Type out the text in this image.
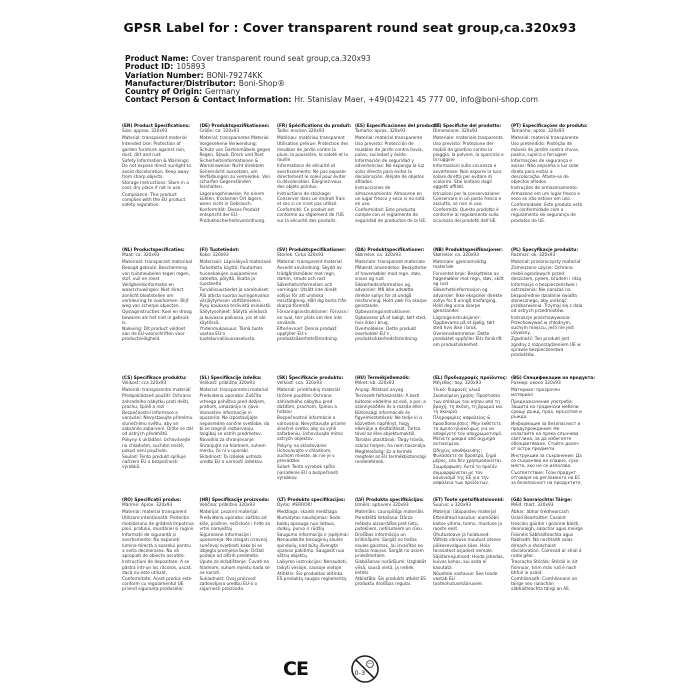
GPSR Label for : Cover transparent round seat group,ca.320x93
Product Name: Cover transparent round seat group,ca.320x93
Product ID: 105893
Variation Number: BONI-79274KK
Manufacturer/Distributor: Boni-Shop®
Country of Origin: Germany
Contact Person & Contact Information: Hr. Stanislav Maer, +49(0)4221 45 777 00, info@boni-shop.com
(EN) Product Specifications:
Size: approx. 320x93
Material: transparent material
Intended Use: Protection of garden furniture against rain, dust, dirt and rust
Safety Information & Warnings: Do not expose direct sunlight to avoid discoloration. Keep away from sharp objects.
Storage Instructions: Store in a cool, dry place if not in use.
Compliance: This product complies with the EU product safety regulation.
(DE) Produktspezifikationen:
Größe: ca. 320x93
Material: transparentes Material
Vorgesehene Verwendung: Schutz von Gartenmöbeln gegen Regen, Staub, Dreck und Rost
Sicherheitsinformationen & Warnhinweise: Nicht direktem Sonnenlicht aussetzen, um Verfärbungen zu vermeiden. Von scharfen Gegenständen fernhalten.
Lagerungshinweise: An einem kühlen, trockenen Ort lagern, wenn nicht in Gebrauch.
Konformität: Dieses Produkt entspricht der EU-Produktsicherheitsverordnung.
(FR) Spécifications du produit:
Taille: environ 320x93
Matériau: matériau transparent
Utilisation prévue: Protection des meubles de jardin contre la pluie, la poussière, la saleté et la rouille
Informations de sécurité et avertissements: Ne pas exposer directement le soleil pour éviter la décoloration. Éloignez-vous des objets pointus.
Instructions de stockage: Conserver dans un endroit frais et sec si ce n'est pas utilisé.
Conformité: Ce produit est conforme au règlement de l'UE sur la sécurité des produits.
(ES) Especificaciones del producto:
Tamaño: aprox. 320x93
Material: material transparente
Uso previsto: Protección de muebles de jardín contra lluvia, polvo, suciedad y óxido.
Información de seguridad y advertencias: No exponga la luz solar directa para evitar la decoloración. Aléjate de objetos afilados.
Instrucciones de almacenamiento: Almacene en un lugar fresco y seco si no está en uso.
Conformidad: Este producto cumple con el reglamento de seguridad de productos de la UE.
(IT) Specifiche del prodotto:
Dimensione: 320x93
Materiale: materiale trasparente
Uso previsto: Protezione dei mobili da giardino contro la pioggia, la polvere, la sporcizia e la ruggine
Informazioni sulla sicurezza e avvertenze: Non esporre la luce solare diretta per evitare di scolorire. Stai lontano dagli oggetti affilati.
Istruzioni per la conservazione: Conservare in un posto fresco e asciutto, se non in uso.
Conformità: Questo prodotto è conforme al regolamento sulla sicurezza dei prodotti dell'UE.
(PT) Especificações do produto:
Tamanho: aprox. 320x93
Material: material transparente
Uso pretendido: Proteção de móveis de jardim contra chuva, poeira, sujeira e ferrugem
Informações de segurança e avisos: Não exponha a luz solar direta para evitar a descoloração. Afaste-se de objectos afiados.
Instruções de armazenamento: Armazene em um lugar fresco e seco se não estiver em uso.
Conformidade: Este produto está em conformidade com o regulamento de segurança de produtos da UE.
(NL) Productspecificaties:
Maat: ca. 320x93
Materiaal: transparant materiaal
Beoogd gebruik: Bescherming van tuinmeubelen tegen regen, stof, vuil en roest
Veiligheidsinformatie en waarschuwingen: Niet direct zonlicht blootstellen om verkleuring te voorkomen. Blijf weg van scherpe objecten.
Opslaginstructies: Koel en droog bewaren als het niet in gebruik is.
Naleving: Dit product voldoet aan de EU-voorschriften voor productveiligheid.
(FI) Tuotetiedot:
Koko: 320x93
Materiaali: Läpinäkyvä materiaali
Tarkoitettu käyttö: Puutarhan huonekalujen suojaaminen sateelta, pölyltä, likalta ja ruosteelta
Turvallisuustiedot ja varoitukset: Älä altista suoraa auringonvaloa värjäytymisen välttämiseksi. Pysy kaukana terävistä esineistä.
Säilytysohjeet: Säilytä viileässä ja kuivassa paikassa, jos et ole käytössä.
Yhdenmukaisuus: Tämä tuote vastaa EU:n tuoteturvallisuusasetusta.
(SV) Produktspecifikationer:
Storlek: Cirka 320x93
Material: transparent material
Avsedd användning: Skydd av trädgårdsmöbler mot regn, damm, smuts och rost
Säkerhetsinformation och varningar: Utsätt inte direkt solljus för att undvika missfärgning. Håll dig borta från skarpa föremål.
Förvaringsinstruktioner: Förvara i en sval, torr plats om den inte används.
Efterlevnad: Denna produkt uppfyller EU:s produktsäkerhetsförordning.
(DA) Produktspecifikationer:
Størrelse: ca. 320x93
Materiale: transparent materiale
Påtænkt anvendelse: Beskyttelse af havemøbler mod regn, støv, snavs og rust
Sikkerhedsinformation og advarsler: Må ikke udsætte direkte sollys for at undgå misfarvning. Hold væk fra skarpe genstande.
Opbevaringsinstruktioner: Opbevares på et køligt, tørt sted, hvis ikke i brug.
Overholdelse: Dette produkt overholder EU's produktsikkerhedsforordning.
(NB) Produktspesifikasjoner:
Størrelse: ca. 320x93
Materiale: gjennomsiktig materiale
Forventet bruk: Beskyttelse av hagemøbler mot regn, støv, skitt og rust
Sikkerhetsinformasjon og advarsler: Ikke eksponer direkte sollys for å unngå misfarging. Hold deg unna skarpe gjenstander.
Lagringsinstruksjoner: Oppbevares på et kjølig, tørt sted hvis ikke i bruk.
Overensstemmelse: Dette produktet oppfyller EUs forskrift om produktsikkerhet.
(PL) Specyfikacje produktu:
Rozmiar: ok. 320x93
Materiał: przezroczysty materiał
Zamierzone użycie: Ochrona mebli ogrodowych przed deszczem, pyłem, brudem i rdzą
Informacje o bezpieczeństwie i ostrzeżenia: Nie narażać na bezpośrednie działanie światła słonecznego, aby uniknąć przebarwienia. Trzymaj się z dala od ostrych przedmiotów.
Instrukcje przechowywania: Przechowywać w chłodnym, suchym miejscu, jeśli nie jest używany.
Zgodność: Ten produkt jest zgodny z rozporządzeniem UE w sprawie bezpieczeństwa produktów.
(CS) Specifikace produktu:
Velikost: cca 320x93
Materiál: transparentní materiál
Předpokládané použití: Ochrana zahradního nábytku proti dešti, prachu, špíně a rezi
Bezpečnostní informace a varování: Nevystavujte přímému slunečnímu světlu, aby se zabránilo zabarvení. Držte se dál od ostrých předmětů.
Pokyny k ukládání: Uchovávejte na chladném, suchém místě, pokud není používán.
Soulad: Tento produkt splňuje nařízení EU o bezpečnosti výrobků.
(SL) Specifikacije izdelka:
Velikost: približno 320x93
Material: transparentni material
Predvidena uporaba: Zaščita vrtnega pohištva pred dežjem, prahom, umazanijo in rjavo
Varnostne informacije in opozorila: Ne izpostavljajte neposredne sončne svetlobe, da bi se izognili razbarvanju. Izogibaj se ostrih predmetov.
Navodila za shranjevanje: Shranjujte na hladnem, suhem mestu, če ni v uporabi.
Skladnost: Ta izdelek ustreza uredbi EU o varnosti izdelkov.
(SK) Špecifikácie produktu:
Veľkosť: cca. 320x93
Materiál: priehľadný materiál
Určené použitie: Ochrana záhradného nábytku pred dažďom, prachom, špinou a hrdzou
Bezpečnostné informácie a varovania: Nevystavujte priame slnečné svetlo, aby sa vyhli zafarbeniu. Uchovávajte mimo ostrých objektov.
Pokyny na skladovanie: Uchovávajte v chladnom, suchom mieste, ak nie je v prevádzke.
Súlad: Tento výrobok spĺňa nariadenie EÚ o bezpečnosti výrobkov.
(HU) Termékjellemzők:
Méret: kb. 320x93
Anyag: Átlátszó anyag
Tervezett felhasználás: A kerti bútorok védelme az eső, a por, a szennyeződés és a rozsda ellen
Biztonsági információk és figyelmeztetések: Ne tedje ki a közvetlen napfényt, hogy elkerülje a disztalítását. Tartsa távol az éles objektumoktól.
Tárolási utasítások: Tárgy hűvös, száraz helyen, ha nem használja.
Megfelelőség: Ez a termék megfelel az EU termékbiztonsági rendeletének.
(EL) Προδιαγραφές προϊόντος:
Μέγεθος: περ. 320x93
Υλικό: διαφανές υλικό
Σκοπούμενη χρήση: Προστασία των επίπλων του κήπου από τη βροχή, τη σκόνη, τη βρωμιά και τη σκουριά
Πληροφορίες ασφαλείας & προειδοποιήσεις: Μην εκθέτετε το άμεσο ηλιακό φως για να αποφύγετε τον αποχρωματισμό. Μείνετε μακριά από αιχμηρά αντικείμενα.
Οδηγίες αποθήκευσης: Φυλάσσετε σε δροσερό, ξηρό μέρος, εάν δεν χρησιμοποιείται.
Συμμόρφωση: Αυτό το προϊόν συμμορφώνεται με τον κανονισμό της ΕΕ για την ασφάλεια των προϊόντων.
(BG) Спецификации на продукта:
Размер: около 320x93
Материал: прозрачен материал
Предназначение употреба: Защита на градински мебели срещу дъжд, прах, мръсотия и ръжда.
Информация за безопасност и предупреждения: Не излагайте на пряка слънчева светлина, за да избегнете обезцветяване. Стойте далеч от остри предмети.
Инструкции за съхранение: Да се съхранява на хладно, сухо място, ако не се използва.
Съответствие: Този продукт отговаря на регламента на ЕС за безопасност на продуктите.
(RO) Specificații produs:
Mărime: Aprox. 320x93
Material: material transparent
Utilizare intenționată: Protecția mobilierului de grădină împotriva ploii, prafului, murdăriei și ruginii
Informații de siguranță și avertismente: Nu expuneți lumina directă a soarelui pentru a evita decolorarea. Nu vă apropiați de obiecte ascuțite.
Instrucțiuni de depozitare: A se păstra într-un loc răcoros, uscat, dacă nu este utilizat.
Conformitate: Acest produs este conform cu regulamentul UE privind siguranța produselor.
(HR) Specifikacije proizvoda:
Veličina: približno 320x93
Materijal: prozirni materijal
Predviđena uporaba: zaštita od kiše, prašine, nečistoće i hrđe za vrtni namještaj
Sigurnosne informacije i upozorenja: Ne izlagati izravnoj sunčevoj svjetlosti kako bi se izbjegla promjena boje. Držati podalje od oštrih predmeta.
Upute za skladištenje: Čuvati na hladnom, suhom mjestu kada se ne koristi.
Sukladnost: Ovaj proizvod zadovoljava uredbu EU-a o sigurnosti proizvoda.
(LT) Produkto specifikacijos:
Dydis: #ERROR!
Medžiaga: skaidri medžiaga
Numatytas naudojimas: Sodo baldų apsauga nuo lietaus, dulkių, purvo ir rūdžių
Saugumo informacija ir įspėjimai: Nenaudokite tiesioginių saulės spindulių, kad būtų išvengta spalvos pakitimo. Saugokit nuo aštrių objektų.
Laikymo instrukcijos: Nenaudoti, laikyti vėsioje, sausoje vietoje.
Atitiktis: Šis produktas atitinka ES produktų saugos reglamentą.
(LV) Produkta specifikācijas:
Izmērs: aptuveni 320x93
Materiāls: caurspīdīgs materiāls
Paredzētā lietošana: Dārza mēbeļu aizsardzība pret lietu, putekļiem, netīrumiem un rūsu
Drošības informācija un brīdinājumi: Sargāt no tiešas saules gaismas, lai izvairītos no krāsas maiņas. Sargāt no asiem priekšmetiem.
Glabāšanas norādījumi: Uzglabāt vēsā, sausā vietā, ja netiek lietots.
Atbilstība: Šis produkts atbilst ES produktu drošības regulai.
(ET) Toote spetsifikatsioonid:
Suurus: u 320x93
Materjal: läbipaistev materjal
Ettenähtud kasutus: aiamööbli kaitse vihma, tolmu, mustuse ja rooste eest
Ohutusteave ja hoiatused: Vältida värvuse muutust otsese päikesevalguse käes. Hoia teravatest asjadest eemale.
Säilitamisjuhised: Hoida jahedas, kuivas kohas, kui seda ei kasutata.
Nõuetele vastavus: See toode vastab ELi tooteohutusmäärusele.
(GA) Sonraíochtaí Táirge:
Méid: thart. 320x93
Ábhar: ábhar trédhearcach
Úsáid Beartaithe: Cosaint troscáin gairdín i gcoinne báistí, deannaigh, salachar agus meirge
Faisnéis Sábháilteachta agus Rabhadh: Ná nochtadh solas díreach a sheachaint discoloration. Coimeád ar shiúl ó rudaí géar.
Treoracha Stórála: Stóráil in áit fionnuar, tirim más rud é nach bhfuil in úsáid.
Comhlíonadh: Comhlíonann an táirge seo rialachán sábháilteachta táirgí an AE.
CE	0-3
